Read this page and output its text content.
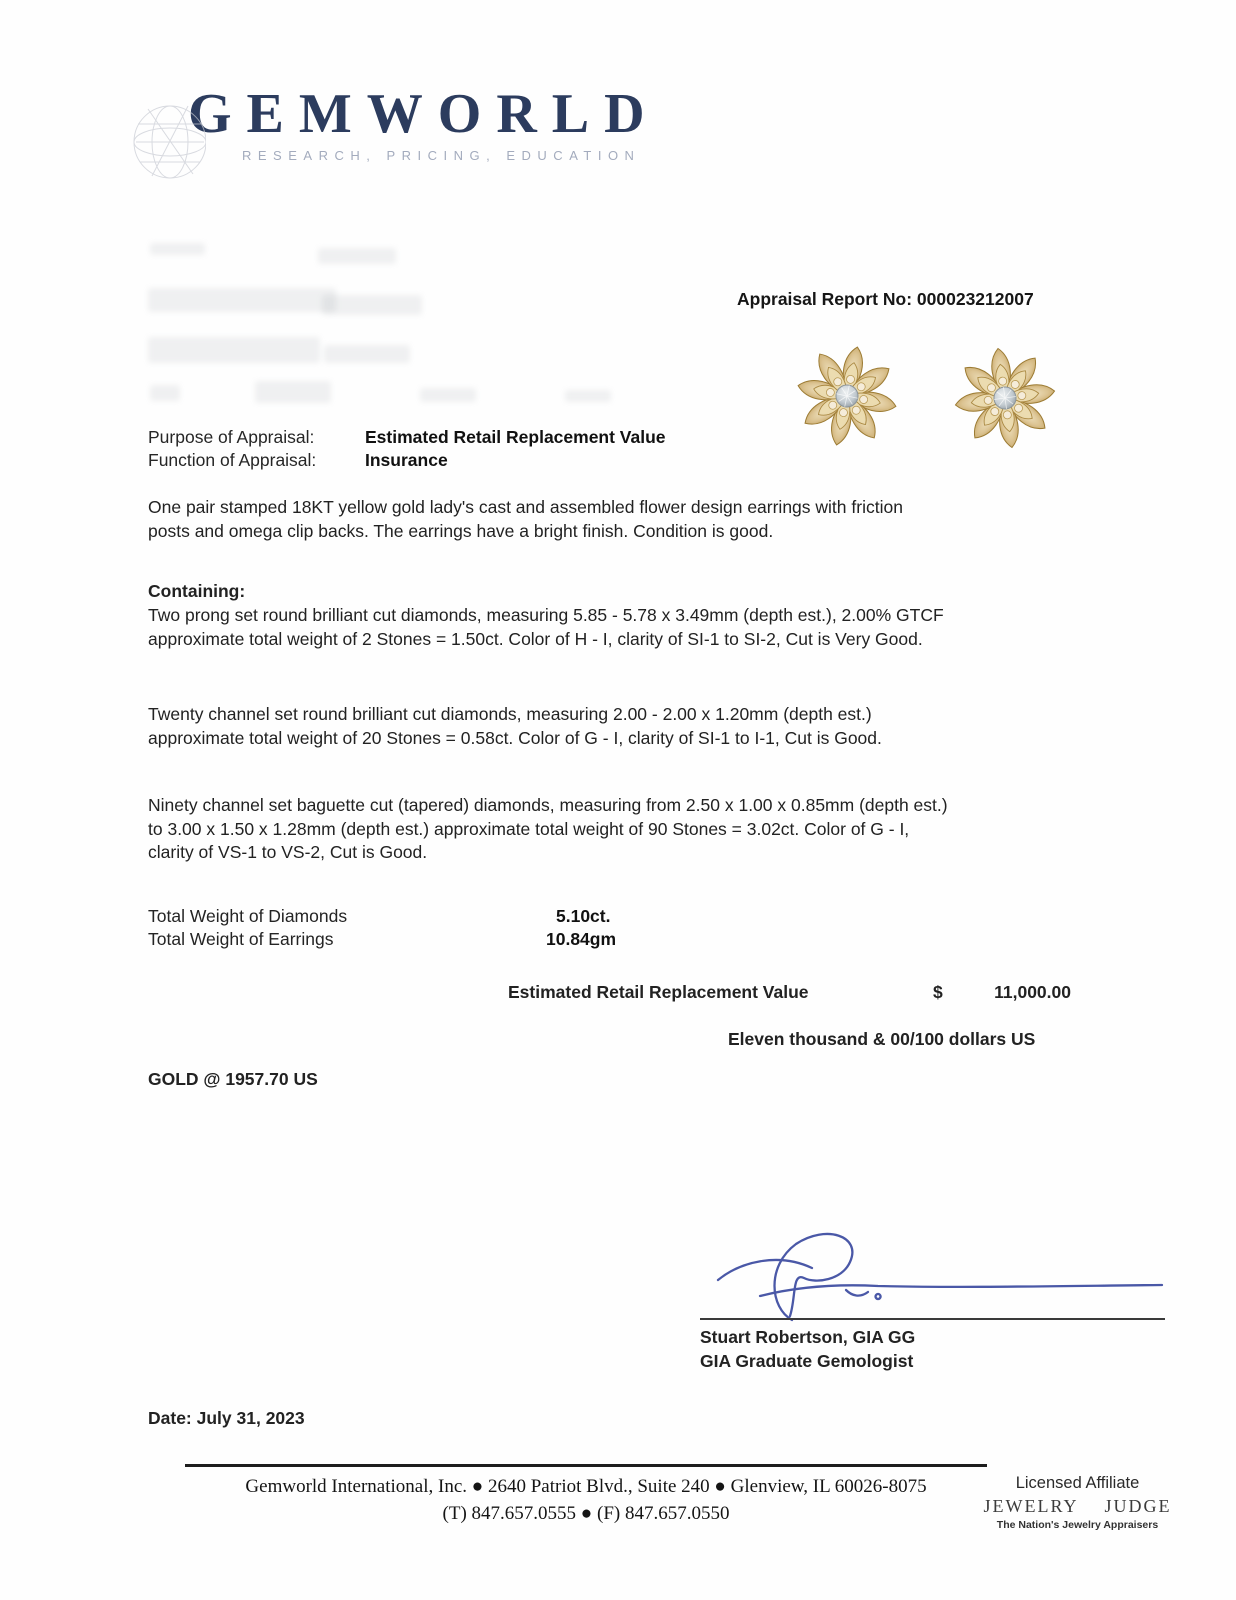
GEMWORLD
RESEARCH, PRICING, EDUCATION
Appraisal Report No: 000023212007
Purpose of Appraisal:	Estimated Retail Replacement Value
Function of Appraisal:	Insurance
One pair stamped 18KT yellow gold lady's cast and assembled flower design earrings with friction posts and omega clip backs. The earrings have a bright finish. Condition is good.
Containing:
Two prong set round brilliant cut diamonds, measuring 5.85 - 5.78 x 3.49mm (depth est.), 2.00% GTCF approximate total weight of 2 Stones = 1.50ct. Color of H - I, clarity of SI-1 to SI-2, Cut is Very Good.
Twenty channel set round brilliant cut diamonds, measuring 2.00 - 2.00 x 1.20mm (depth est.) approximate total weight of 20 Stones = 0.58ct. Color of G - I, clarity of SI-1 to I-1, Cut is Good.
Ninety channel set baguette cut (tapered) diamonds, measuring from 2.50 x 1.00 x 0.85mm (depth est.) to 3.00 x 1.50 x 1.28mm (depth est.) approximate total weight of 90 Stones = 3.02ct. Color of G - I, clarity of VS-1 to VS-2, Cut is Good.
Total Weight of Diamonds	5.10ct.
Total Weight of Earrings	10.84gm
Estimated Retail Replacement Value	$	11,000.00
Eleven thousand & 00/100 dollars US
GOLD @ 1957.70 US
Stuart Robertson, GIA GG
GIA Graduate Gemologist
Date: July 31, 2023
Gemworld International, Inc. ● 2640 Patriot Blvd., Suite 240 ● Glenview, IL 60026-8075
(T) 847.657.0555 ● (F) 847.657.0550
Licensed Affiliate
JEWELRY JUDGE
The Nation's Jewelry Appraisers
